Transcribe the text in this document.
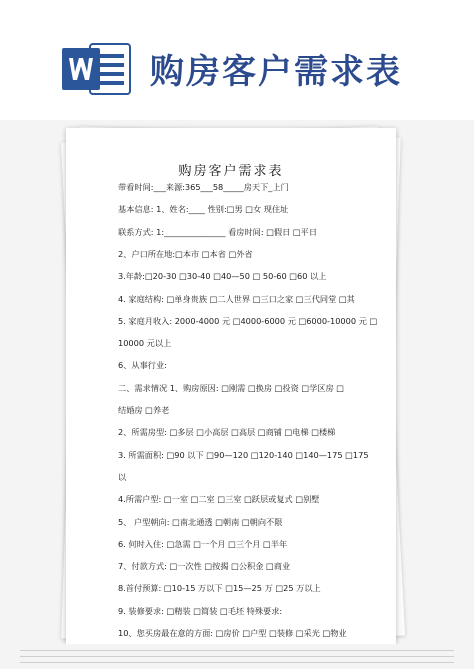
购房客户需求表
购房客户需求表
带看时间:___来源:365___58_____房天下_上门
基本信息: 1、姓名:____ 性别:□男 □女 现住址
联系方式: 1:_______________ 看房时间: □假日 □平日
2、户口所在地:□本市 □本省 □外省
3.年龄:□20-30 □30-40 □40—50 □ 50-60 □60 以上
4. 家庭结构: □单身贵族 □二人世界 □三口之家 □三代同堂 □其
5. 家庭月收入: 2000-4000 元 □4000-6000 元 □6000-10000 元 □
10000 元以上
6、从事行业:
二、需求情况 1、购房原因: □刚需 □换房 □投资 □学区房 □
结婚房 □养老
2、所需房型: □多层 □小高层 □高层 □商铺 □电梯 □楼梯
3. 所需面积: □90 以下 □90—120 □120-140 □140—175 □175
以
4.所需户型: □一室 □二室 □三室 □跃层或复式 □别墅
5、 户型朝向: □南北通透 □朝南 □朝向不限
6. 何时入住: □急需 □一个月 □三个月 □半年
7、付款方式: □一次性 □按揭 □公积金 □商业
8.首付预算: □10-15 万以下 □15—25 万 □25 万以上
9. 装修要求: □精装 □简装 □毛坯 特殊要求:
10、您买房最在意的方面: □房价 □户型 □装修 □采光 □物业
